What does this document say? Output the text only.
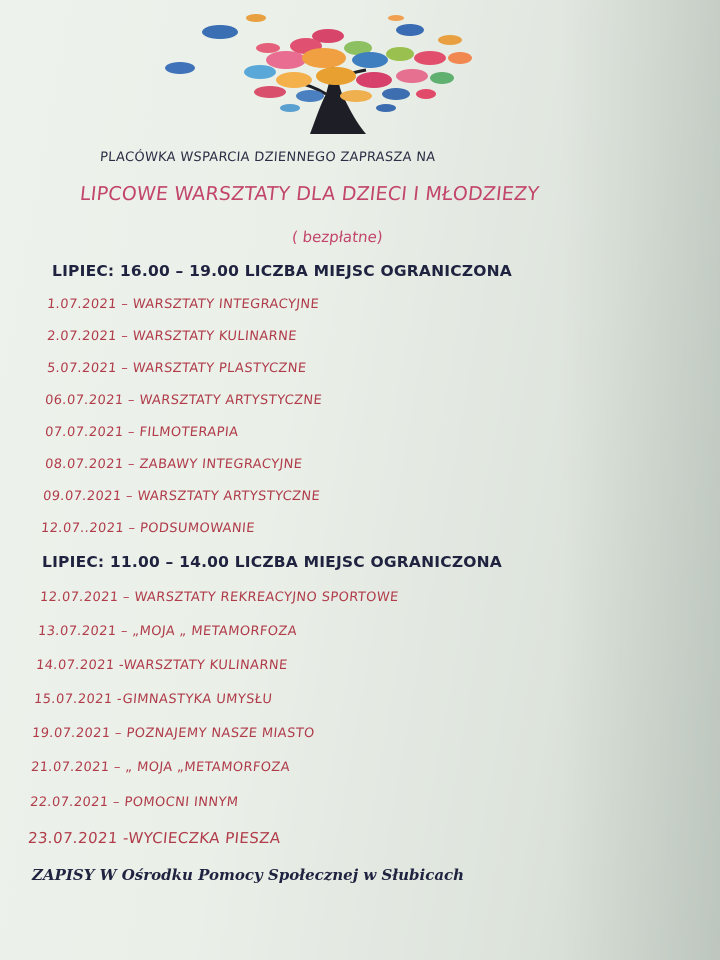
PLACÓWKA WSPARCIA DZIENNEGO ZAPRASZA NA
LIPCOWE WARSZTATY DLA DZIECI I MŁODZIEZY
( bezpłatne)
LIPIEC: 16.00 – 19.00 LICZBA MIEJSC OGRANICZONA
1.07.2021 – WARSZTATY INTEGRACYJNE
2.07.2021 – WARSZTATY KULINARNE
5.07.2021 – WARSZTATY PLASTYCZNE
06.07.2021 – WARSZTATY ARTYSTYCZNE
07.07.2021 – FILMOTERAPIA
08.07.2021 – ZABAWY INTEGRACYJNE
09.07.2021 – WARSZTATY ARTYSTYCZNE
12.07..2021 – PODSUMOWANIE
LIPIEC: 11.00 – 14.00 LICZBA MIEJSC OGRANICZONA
12.07.2021 – WARSZTATY REKREACYJNO SPORTOWE
13.07.2021 – „MOJA „ METAMORFOZA
14.07.2021 -WARSZTATY KULINARNE
15.07.2021 -GIMNASTYKA UMYSŁU
19.07.2021 – POZNAJEMY NASZE MIASTO
21.07.2021 – „ MOJA „METAMORFOZA
22.07.2021 – POMOCNI INNYM
23.07.2021 -WYCIECZKA PIESZA
ZAPISY W Ośrodku Pomocy Społecznej w Słubicach
